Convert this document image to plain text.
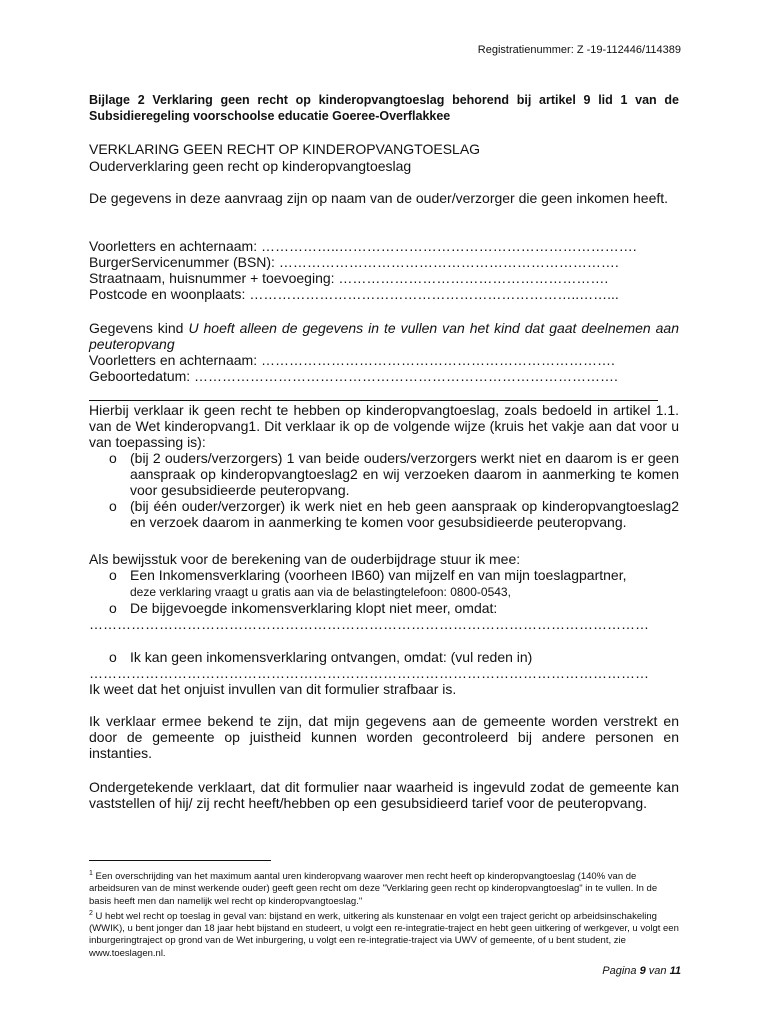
Registratienummer: Z -19-112446/114389
Bijlage 2 Verklaring geen recht op kinderopvangtoeslag behorend bij artikel 9 lid 1 van de Subsidieregeling voorschoolse educatie Goeree-Overflakkee
VERKLARING GEEN RECHT OP KINDEROPVANGTOESLAG
Ouderverklaring geen recht op kinderopvangtoeslag
De gegevens in deze aanvraag zijn op naam van de ouder/verzorger die geen inkomen heeft.
Voorletters en achternaam: ……………..……………………………………………………….
BurgerServicenummer (BSN): ……………………………………………………………….
Straatnaam, huisnummer + toevoeging: ………………………………………………….
Postcode en woonplaats: ……………………………………………………………..……...
Gegevens kind U hoeft alleen de gegevens in te vullen van het kind dat gaat deelnemen aan peuteropvang
Voorletters en achternaam: ………………………………………………………………….
Geboortedatum: ……………………………………………………………………………….
Hierbij verklaar ik geen recht te hebben op kinderopvangtoeslag, zoals bedoeld in artikel 1.1. van de Wet kinderopvang1. Dit verklaar ik op de volgende wijze (kruis het vakje aan dat voor u van toepassing is):
o (bij 2 ouders/verzorgers) 1 van beide ouders/verzorgers werkt niet en daarom is er geen aanspraak op kinderopvangtoeslag2 en wij verzoeken daarom in aanmerking te komen voor gesubsidieerde peuteropvang.
o (bij één ouder/verzorger) ik werk niet en heb geen aanspraak op kinderopvangtoeslag2 en verzoek daarom in aanmerking te komen voor gesubsidieerde peuteropvang.
Als bewijsstuk voor de berekening van de ouderbijdrage stuur ik mee:
o Een Inkomensverklaring (voorheen IB60) van mijzelf en van mijn toeslagpartner,
deze verklaring vraagt u gratis aan via de belastingtelefoon: 0800-0543,
o De bijgevoegde inkomensverklaring klopt niet meer, omdat:
…………………………………………………………………………………………………………
o Ik kan geen inkomensverklaring ontvangen, omdat: (vul reden in)
…………………………………………………………………………………………………………
Ik weet dat het onjuist invullen van dit formulier strafbaar is.
Ik verklaar ermee bekend te zijn, dat mijn gegevens aan de gemeente worden verstrekt en door de gemeente op juistheid kunnen worden gecontroleerd bij andere personen en instanties.
Ondergetekende verklaart, dat dit formulier naar waarheid is ingevuld zodat de gemeente kan vaststellen of hij/ zij recht heeft/hebben op een gesubsidieerd tarief voor de peuteropvang.
$^1$ Een overschrijding van het maximum aantal uren kinderopvang waarover men recht heeft op kinderopvangtoeslag (140% van de arbeidsuren van de minst werkende ouder) geeft geen recht om deze "Verklaring geen recht op kinderopvangtoeslag" in te vullen. In de basis heeft men dan namelijk wel recht op kinderopvangtoeslag."
$^2$ U hebt wel recht op toeslag in geval van: bijstand en werk, uitkering als kunstenaar en volgt een traject gericht op arbeidsinschakeling (WWIK), u bent jonger dan 18 jaar hebt bijstand en studeert, u volgt een re-integratie-traject en hebt geen uitkering of werkgever, u volgt een inburgeringtraject op grond van de Wet inburgering, u volgt een re-integratie-traject via UWV of gemeente, of u bent student, zie www.toeslagen.nl.
Pagina 9 van 11
